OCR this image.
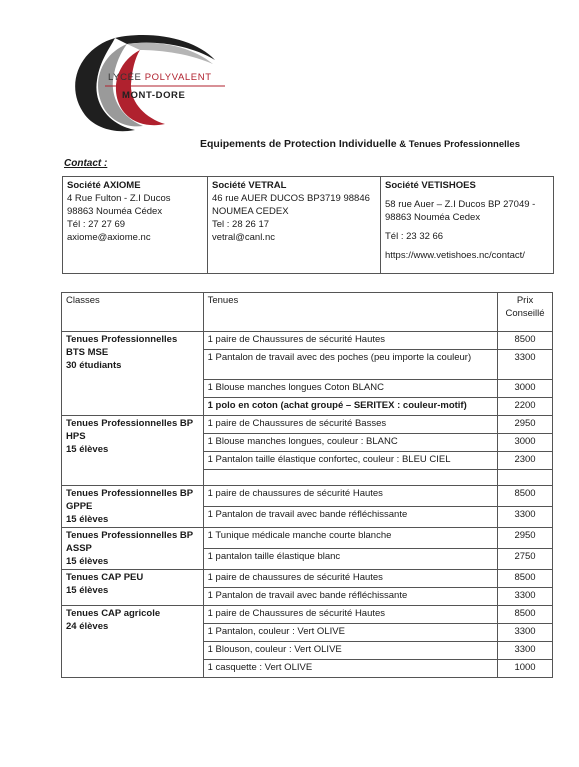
LYCÉE POLYVALENT
MONT-DORE
Equipements de Protection Individuelle & Tenues Professionnelles
Contact :
Société AXIOME
4 Rue Fulton - Z.I Ducos
98863 Nouméa Cédex
Tél : 27 27 69
axiome@axiome.nc

Société VETRAL
46 rue AUER DUCOS BP3719 98846
NOUMEA CEDEX
Tel : 28 26 17
vetral@canl.nc

Société VETISHOES
58 rue Auer – Z.I Ducos BP 27049 -
98863 Nouméa Cedex
Tél : 23 32 66
https://www.vetishoes.nc/contact/
Classes	Tenues	Prix
Conseillé

Tenues Professionnelles
BTS MSE
30 étudiants	1 paire de Chaussures de sécurité Hautes	8500
	1 Pantalon de travail avec des poches (peu importe la couleur)	3300
	1 Blouse manches longues Coton BLANC	3000
	1 polo en coton (achat groupé – SERITEX : couleur-motif)	2200

Tenues Professionnelles BP
HPS
15 élèves	1 paire de Chaussures de sécurité Basses	2950
	1 Blouse manches longues, couleur : BLANC	3000
	1 Pantalon taille élastique confortec, couleur : BLEU CIEL	2300

Tenues Professionnelles BP
GPPE
15 élèves	1 paire de chaussures de sécurité Hautes	8500
	1 Pantalon de travail avec bande réfléchissante	3300

Tenues Professionnelles BP
ASSP
15 élèves	1 Tunique médicale manche courte blanche	2950
	1 pantalon taille élastique blanc	2750

Tenues CAP PEU
15 élèves	1 paire de chaussures de sécurité Hautes	8500
	1 Pantalon de travail avec bande réfléchissante	3300

Tenues CAP agricole
24 élèves	1 paire de Chaussures de sécurité Hautes	8500
	1 Pantalon, couleur : Vert OLIVE	3300
	1 Blouson, couleur : Vert OLIVE	3300
	1 casquette : Vert OLIVE	1000
